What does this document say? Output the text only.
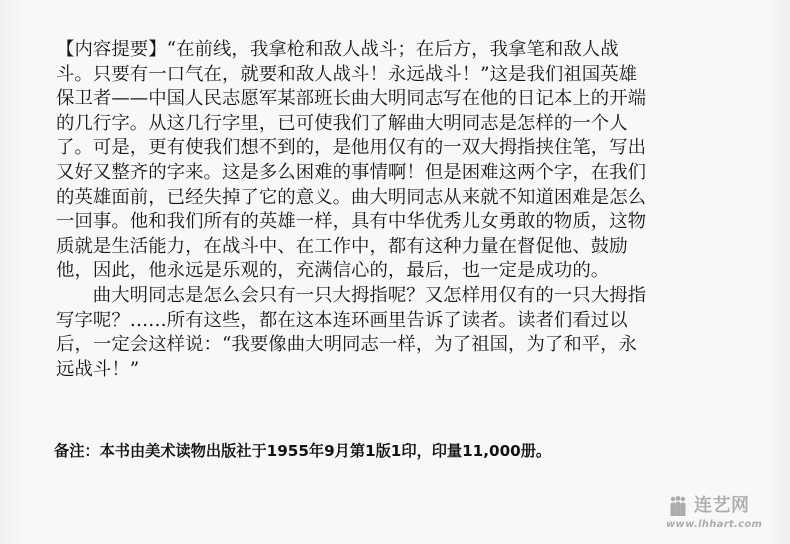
【内容提要】“在前线，我拿枪和敌人战斗；在后方，我拿笔和敌人战
斗。只要有一口气在，就要和敌人战斗！永远战斗！”这是我们祖国英雄
保卫者——中国人民志愿军某部班长曲大明同志写在他的日记本上的开端
的几行字。从这几行字里，已可使我们了解曲大明同志是怎样的一个人
了。可是，更有使我们想不到的，是他用仅有的一双大拇指挟住笔，写出
又好又整齐的字来。这是多么困难的事情啊！但是困难这两个字，在我们
的英雄面前，已经失掉了它的意义。曲大明同志从来就不知道困难是怎么
一回事。他和我们所有的英雄一样，具有中华优秀儿女勇敢的物质，这物
质就是生活能力，在战斗中、在工作中，都有这种力量在督促他、鼓励
他，因此，他永远是乐观的，充满信心的，最后，也一定是成功的。

曲大明同志是怎么会只有一只大拇指呢？又怎样用仅有的一只大拇指
写字呢？……所有这些，都在这本连环画里告诉了读者。读者们看过以
后，一定会这样说：“我要像曲大明同志一样，为了祖国，为了和平，永
远战斗！”

备注：本书由美术读物出版社于1955年9月第1版1印，印量11,000册。
连艺网
www.lhhart.com
